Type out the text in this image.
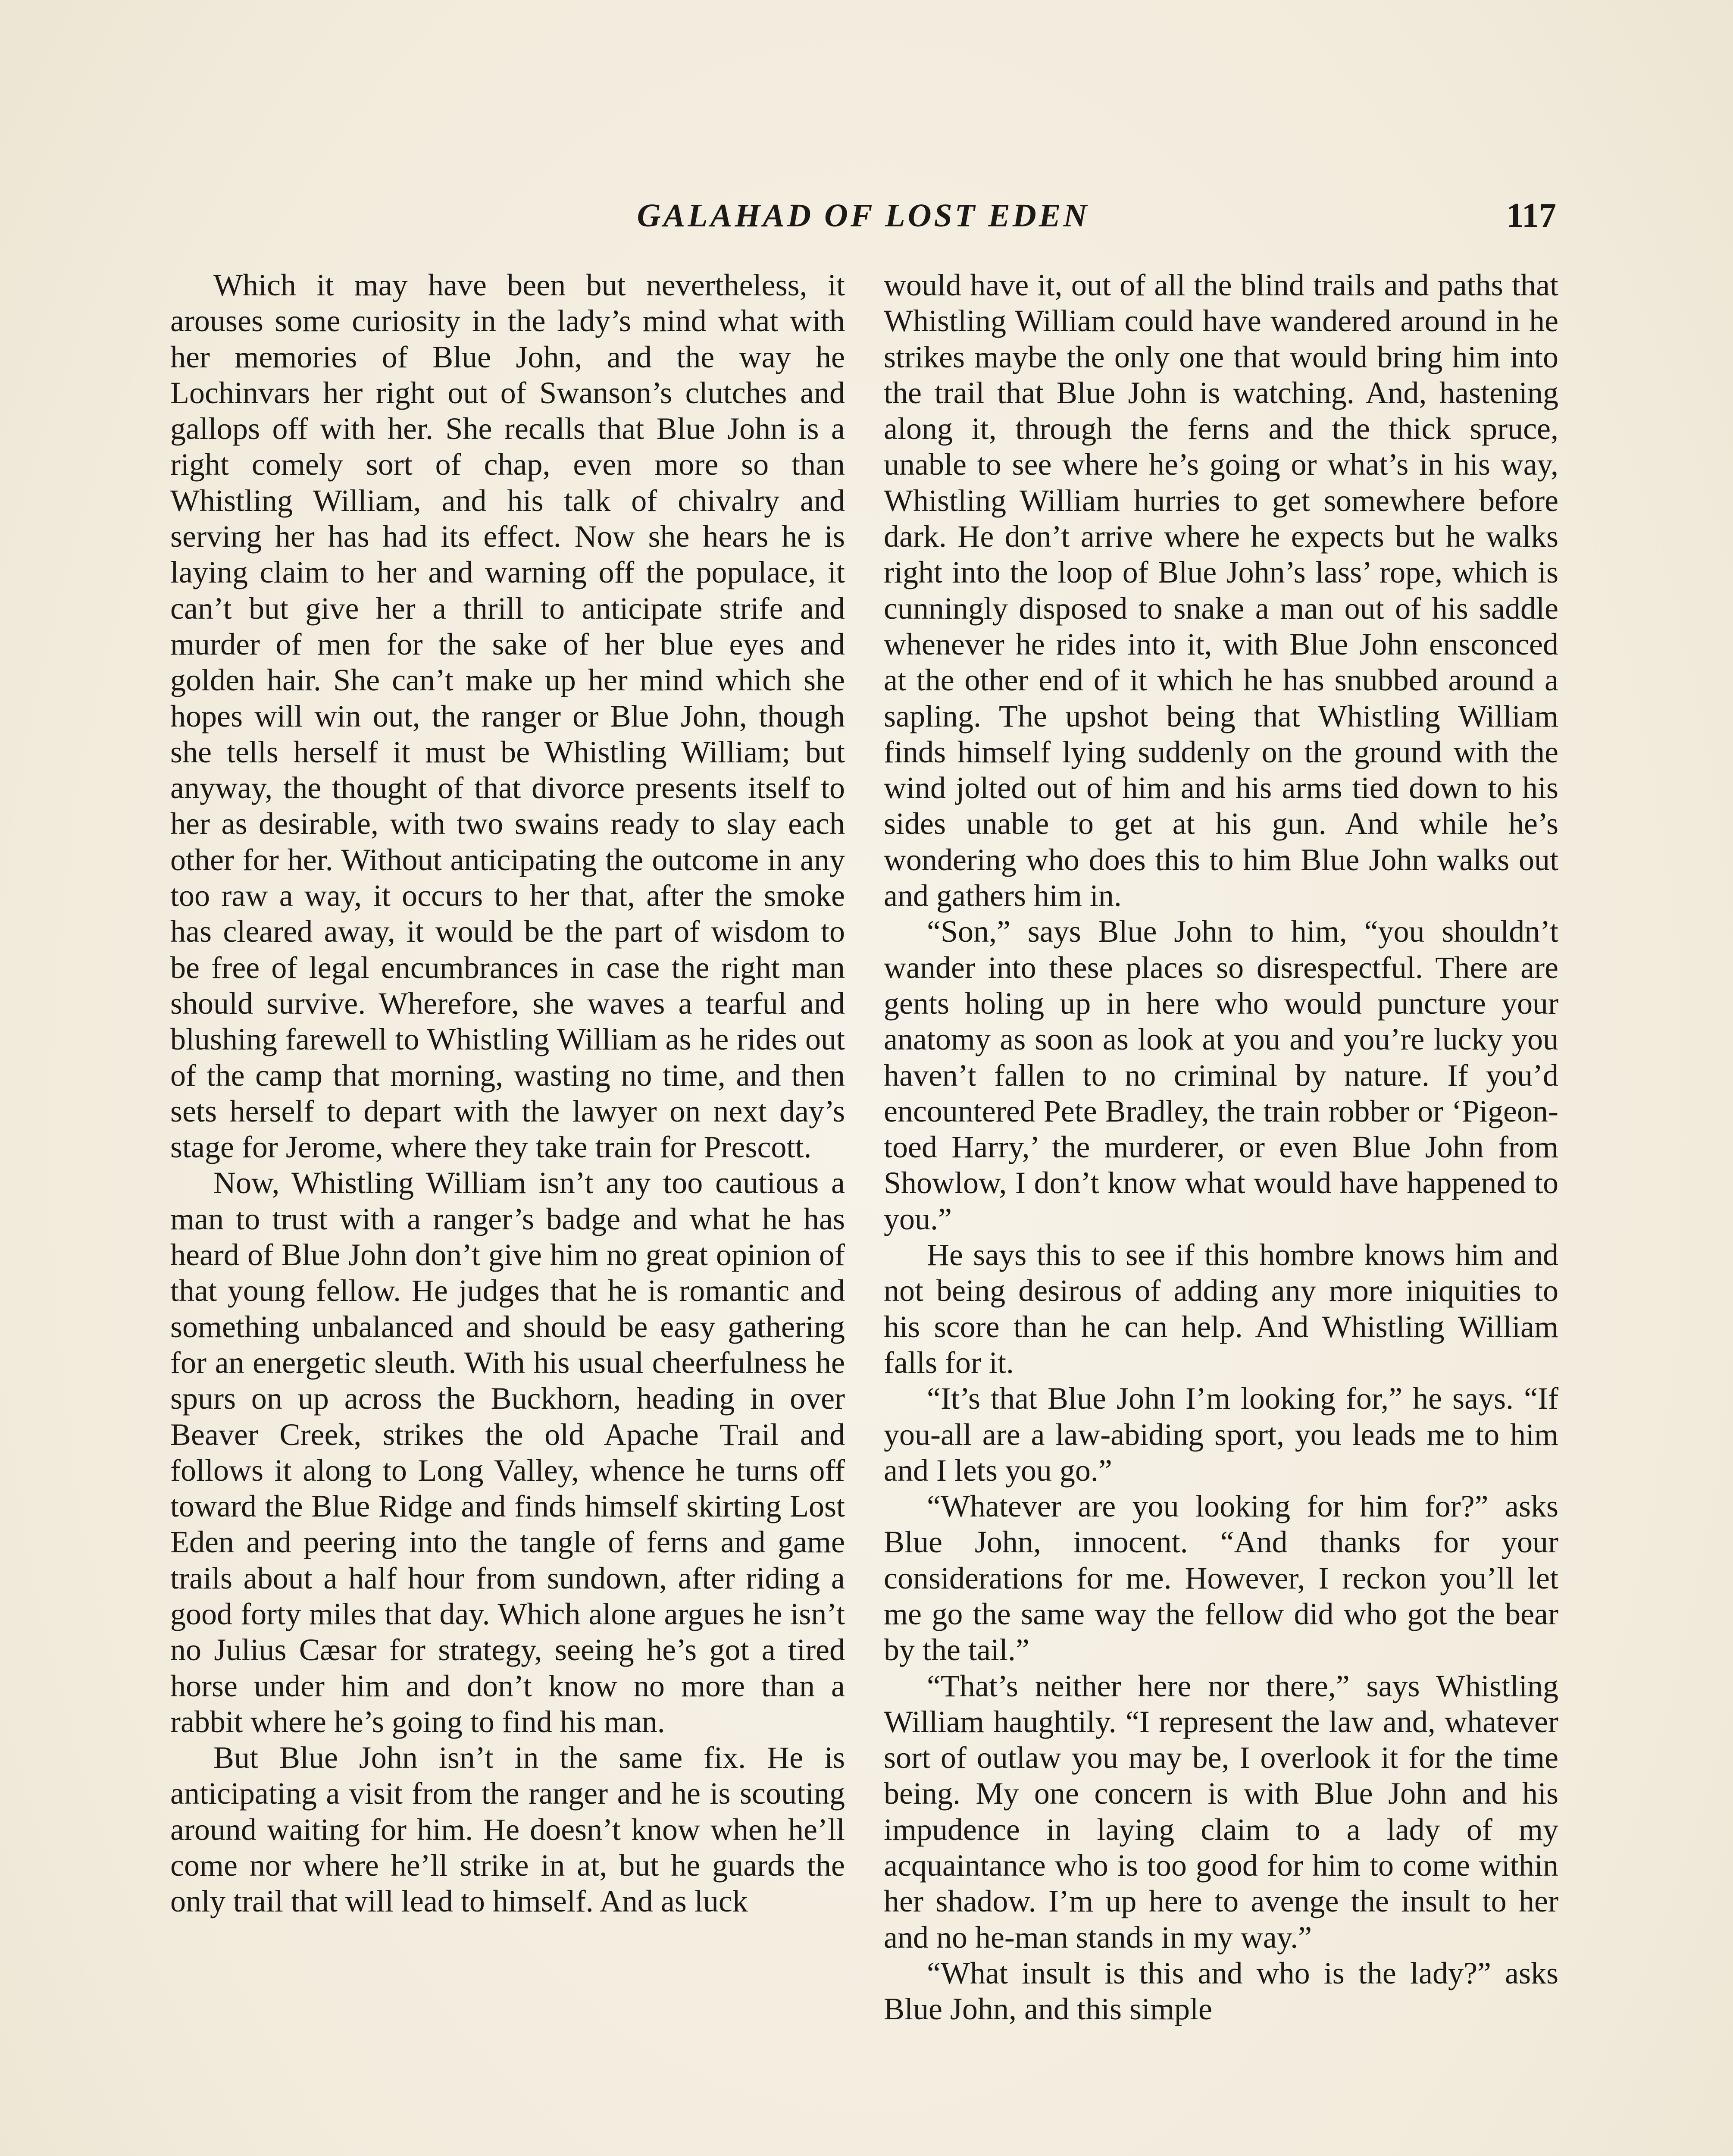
GALAHAD OF LOST EDEN	117

Which it may have been but nevertheless, it arouses some curiosity in the lady’s mind what with her memories of Blue John, and the way he Lochinvars her right out of Swanson’s clutches and gallops off with her. She recalls that Blue John is a right comely sort of chap, even more so than Whistling William, and his talk of chivalry and serving her has had its effect. Now she hears he is laying claim to her and warning off the populace, it can’t but give her a thrill to anticipate strife and murder of men for the sake of her blue eyes and golden hair. She can’t make up her mind which she hopes will win out, the ranger or Blue John, though she tells herself it must be Whistling William; but anyway, the thought of that divorce presents itself to her as desirable, with two swains ready to slay each other for her. Without anticipating the outcome in any too raw a way, it occurs to her that, after the smoke has cleared away, it would be the part of wisdom to be free of legal encumbrances in case the right man should survive. Wherefore, she waves a tearful and blushing farewell to Whistling William as he rides out of the camp that morning, wasting no time, and then sets herself to depart with the lawyer on next day’s stage for Jerome, where they take train for Prescott.

Now, Whistling William isn’t any too cautious a man to trust with a ranger’s badge and what he has heard of Blue John don’t give him no great opinion of that young fellow. He judges that he is romantic and something unbalanced and should be easy gathering for an energetic sleuth. With his usual cheerfulness he spurs on up across the Buckhorn, heading in over Beaver Creek, strikes the old Apache Trail and follows it along to Long Valley, whence he turns off toward the Blue Ridge and finds himself skirting Lost Eden and peering into the tangle of ferns and game trails about a half hour from sundown, after riding a good forty miles that day. Which alone argues he isn’t no Julius Cæsar for strategy, seeing he’s got a tired horse under him and don’t know no more than a rabbit where he’s going to find his man.

But Blue John isn’t in the same fix. He is anticipating a visit from the ranger and he is scouting around waiting for him. He doesn’t know when he’ll come nor where he’ll strike in at, but he guards the only trail that will lead to himself. And as luck

would have it, out of all the blind trails and paths that Whistling William could have wandered around in he strikes maybe the only one that would bring him into the trail that Blue John is watching. And, hastening along it, through the ferns and the thick spruce, unable to see where he’s going or what’s in his way, Whistling William hurries to get somewhere before dark. He don’t arrive where he expects but he walks right into the loop of Blue John’s lass’ rope, which is cunningly disposed to snake a man out of his saddle whenever he rides into it, with Blue John ensconced at the other end of it which he has snubbed around a sapling. The upshot being that Whistling William finds himself lying suddenly on the ground with the wind jolted out of him and his arms tied down to his sides unable to get at his gun. And while he’s wondering who does this to him Blue John walks out and gathers him in.

“Son,” says Blue John to him, “you shouldn’t wander into these places so disrespectful. There are gents holing up in here who would puncture your anatomy as soon as look at you and you’re lucky you haven’t fallen to no criminal by nature. If you’d encountered Pete Bradley, the train robber or ‘Pigeon-toed Harry,’ the murderer, or even Blue John from Showlow, I don’t know what would have happened to you.”

He says this to see if this hombre knows him and not being desirous of adding any more iniquities to his score than he can help. And Whistling William falls for it.

“It’s that Blue John I’m looking for,” he says. “If you-all are a law-abiding sport, you leads me to him and I lets you go.”

“Whatever are you looking for him for?” asks Blue John, innocent. “And thanks for your considerations for me. However, I reckon you’ll let me go the same way the fellow did who got the bear by the tail.”

“That’s neither here nor there,” says Whistling William haughtily. “I represent the law and, whatever sort of outlaw you may be, I overlook it for the time being. My one concern is with Blue John and his impudence in laying claim to a lady of my acquaintance who is too good for him to come within her shadow. I’m up here to avenge the insult to her and no he-man stands in my way.”

“What insult is this and who is the lady?” asks Blue John, and this simple
